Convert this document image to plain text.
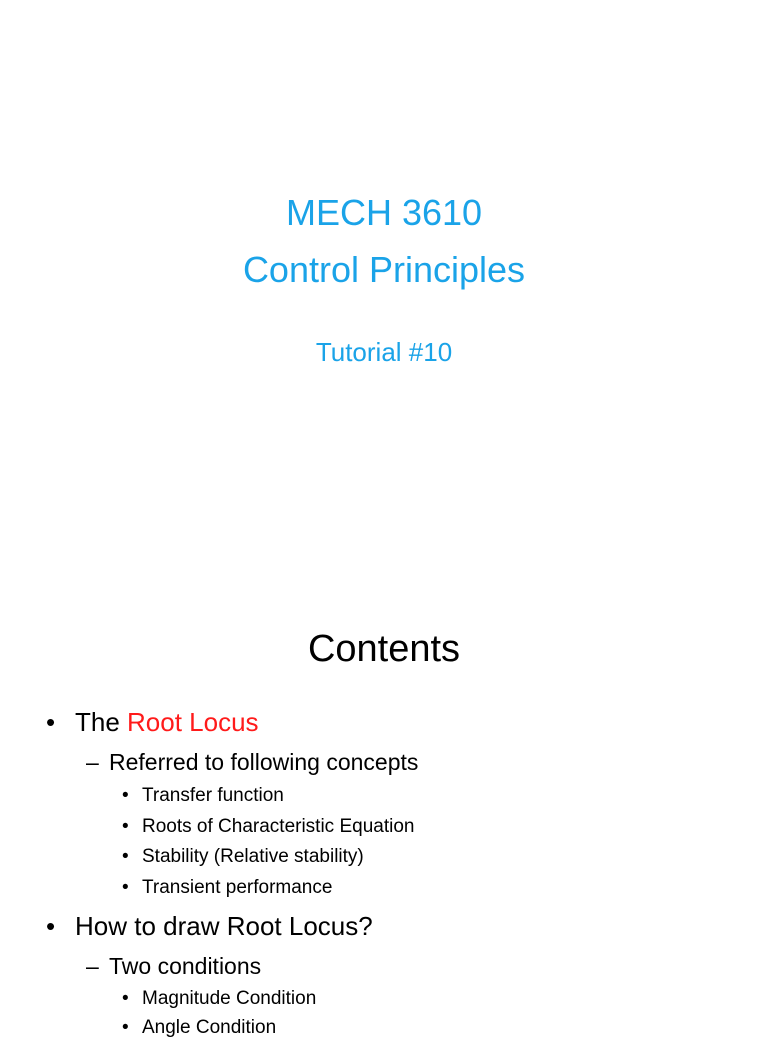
MECH 3610
Control Principles
Tutorial #10
Contents
• The Root Locus
– Referred to following concepts
• Transfer function
• Roots of Characteristic Equation
• Stability (Relative stability)
• Transient performance
• How to draw Root Locus?
– Two conditions
• Magnitude Condition
• Angle Condition
